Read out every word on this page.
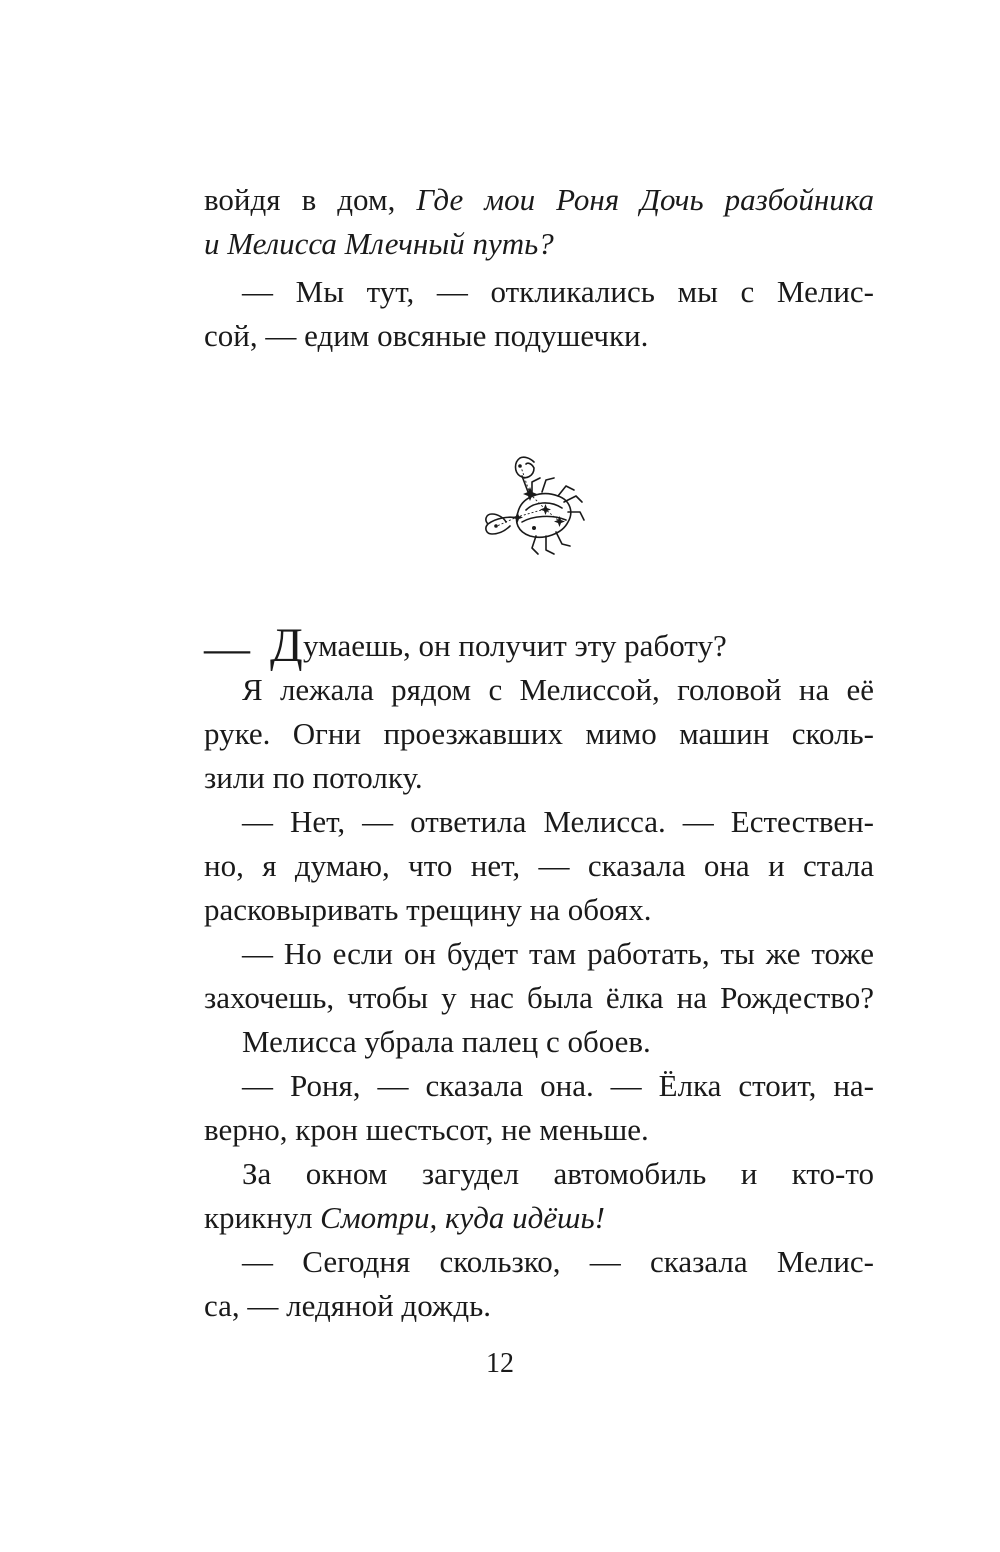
войдя в дом, Где мои Роня Дочь разбойника
и Мелисса Млечный путь?
— Мы тут, — откликались мы с Мелис-
сой, — едим овсяные подушечки.
— Д умаешь, он получит эту работу?
Я лежала рядом с Мелиссой, головой на её
руке. Огни проезжавших мимо машин сколь-
зили по потолку.
— Нет, — ответила Мелисса. — Естествен-
но, я думаю, что нет, — сказала она и стала
расковыривать трещину на обоях.
— Но если он будет там работать, ты же тоже
захочешь, чтобы у нас была ёлка на Рождество?
Мелисса убрала палец с обоев.
— Роня, — сказала она. — Ёлка стоит, на-
верно, крон шестьсот, не меньше.
За окном загудел автомобиль и кто-то
крикнул Смотри, куда идёшь!
— Сегодня скользко, — сказала Мелис-
са, — ледяной дождь.
12
